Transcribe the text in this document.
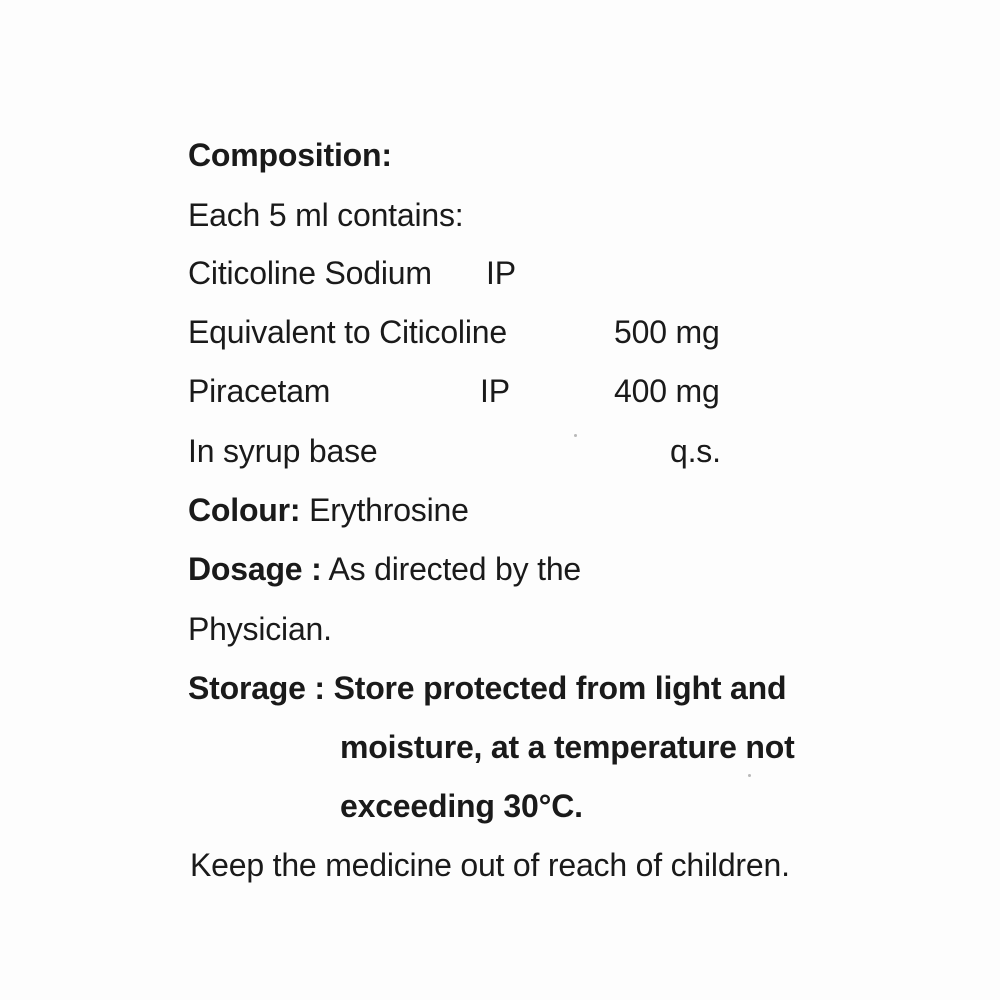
Composition:
Each 5 ml contains:
Citicoline Sodium IP
Equivalent to Citicoline	500 mg
Piracetam	IP	400 mg
In syrup base	q.s.
Colour: Erythrosine
Dosage : As directed by the
Physician.
Storage : Store protected from light and
moisture, at a temperature not
exceeding 30°C.
Keep the medicine out of reach of children.
